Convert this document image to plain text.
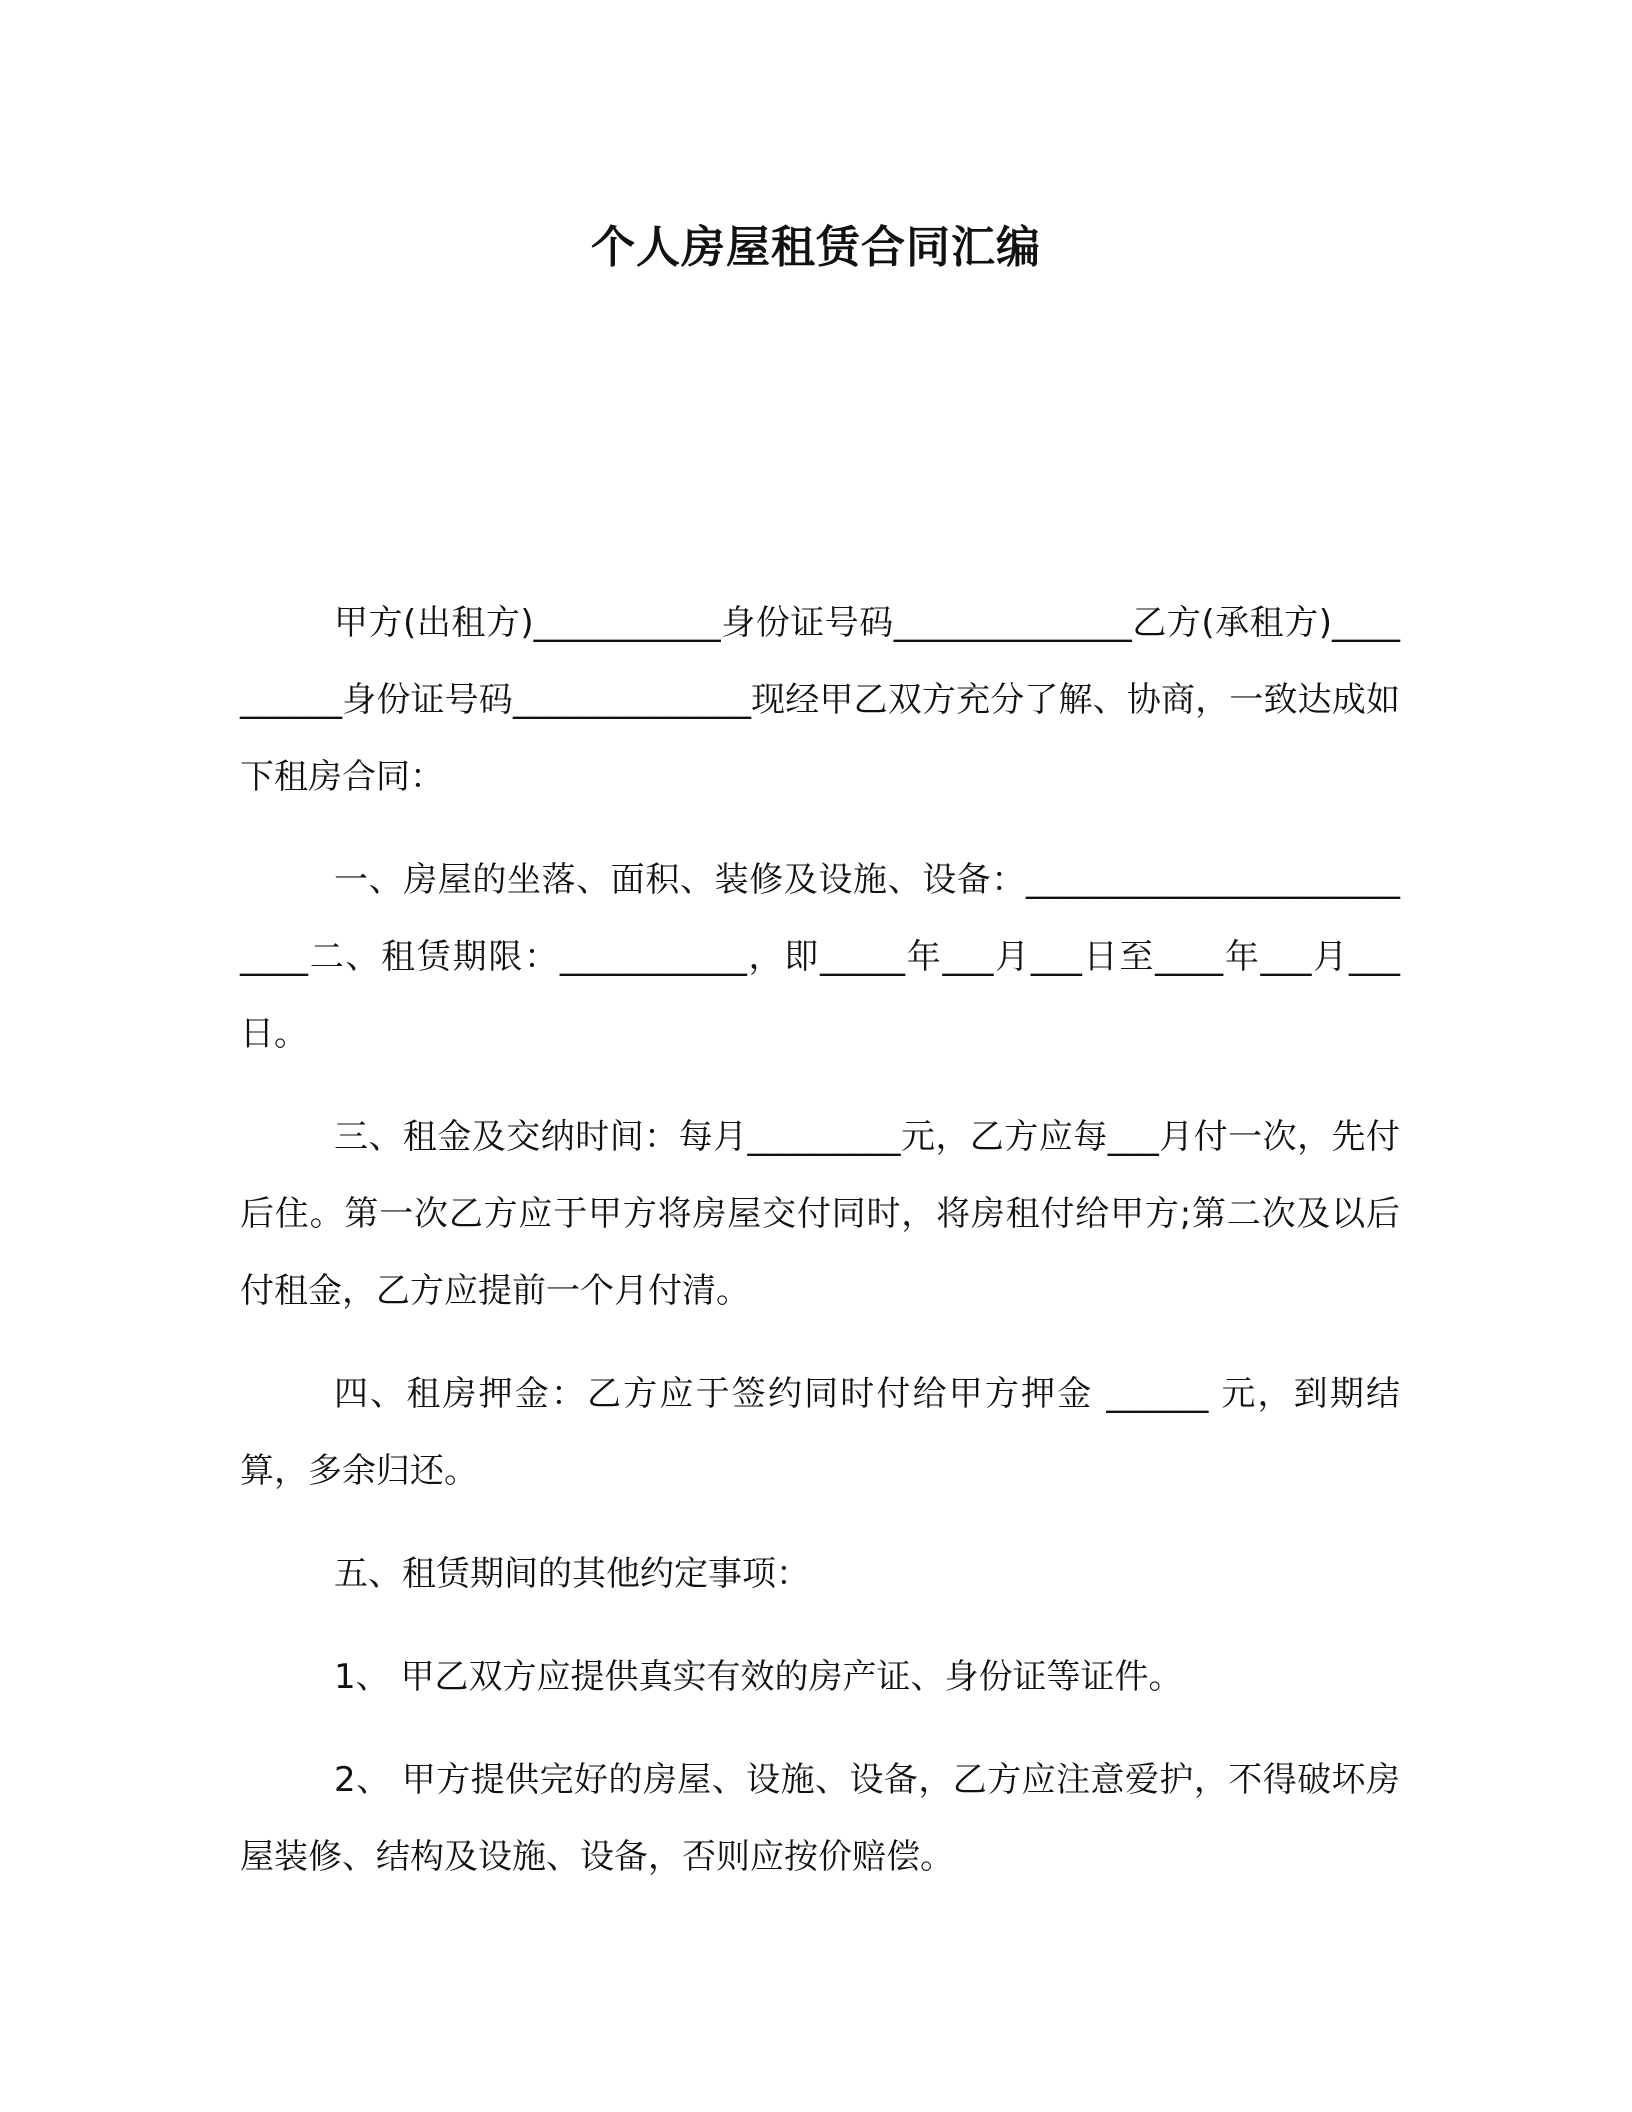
个人房屋租赁合同汇编

甲方(出租方)___________身份证号码______________乙方(承租方)__________身份证号码______________现经甲乙双方充分了解、协商，一致达成如下租房合同：

一、房屋的坐落、面积、装修及设施、设备：__________________________二、租赁期限：___________，即_____年___月___日至____年___月___日。

三、租金及交纳时间：每月_________元，乙方应每___月付一次，先付后住。第一次乙方应于甲方将房屋交付同时，将房租付给甲方;第二次及以后付租金，乙方应提前一个月付清。

四、租房押金：乙方应于签约同时付给甲方押金 ______ 元，到期结算，多余归还。

五、租赁期间的其他约定事项：

1、 甲乙双方应提供真实有效的房产证、身份证等证件。

2、 甲方提供完好的房屋、设施、设备，乙方应注意爱护，不得破坏房屋装修、结构及设施、设备，否则应按价赔偿。
